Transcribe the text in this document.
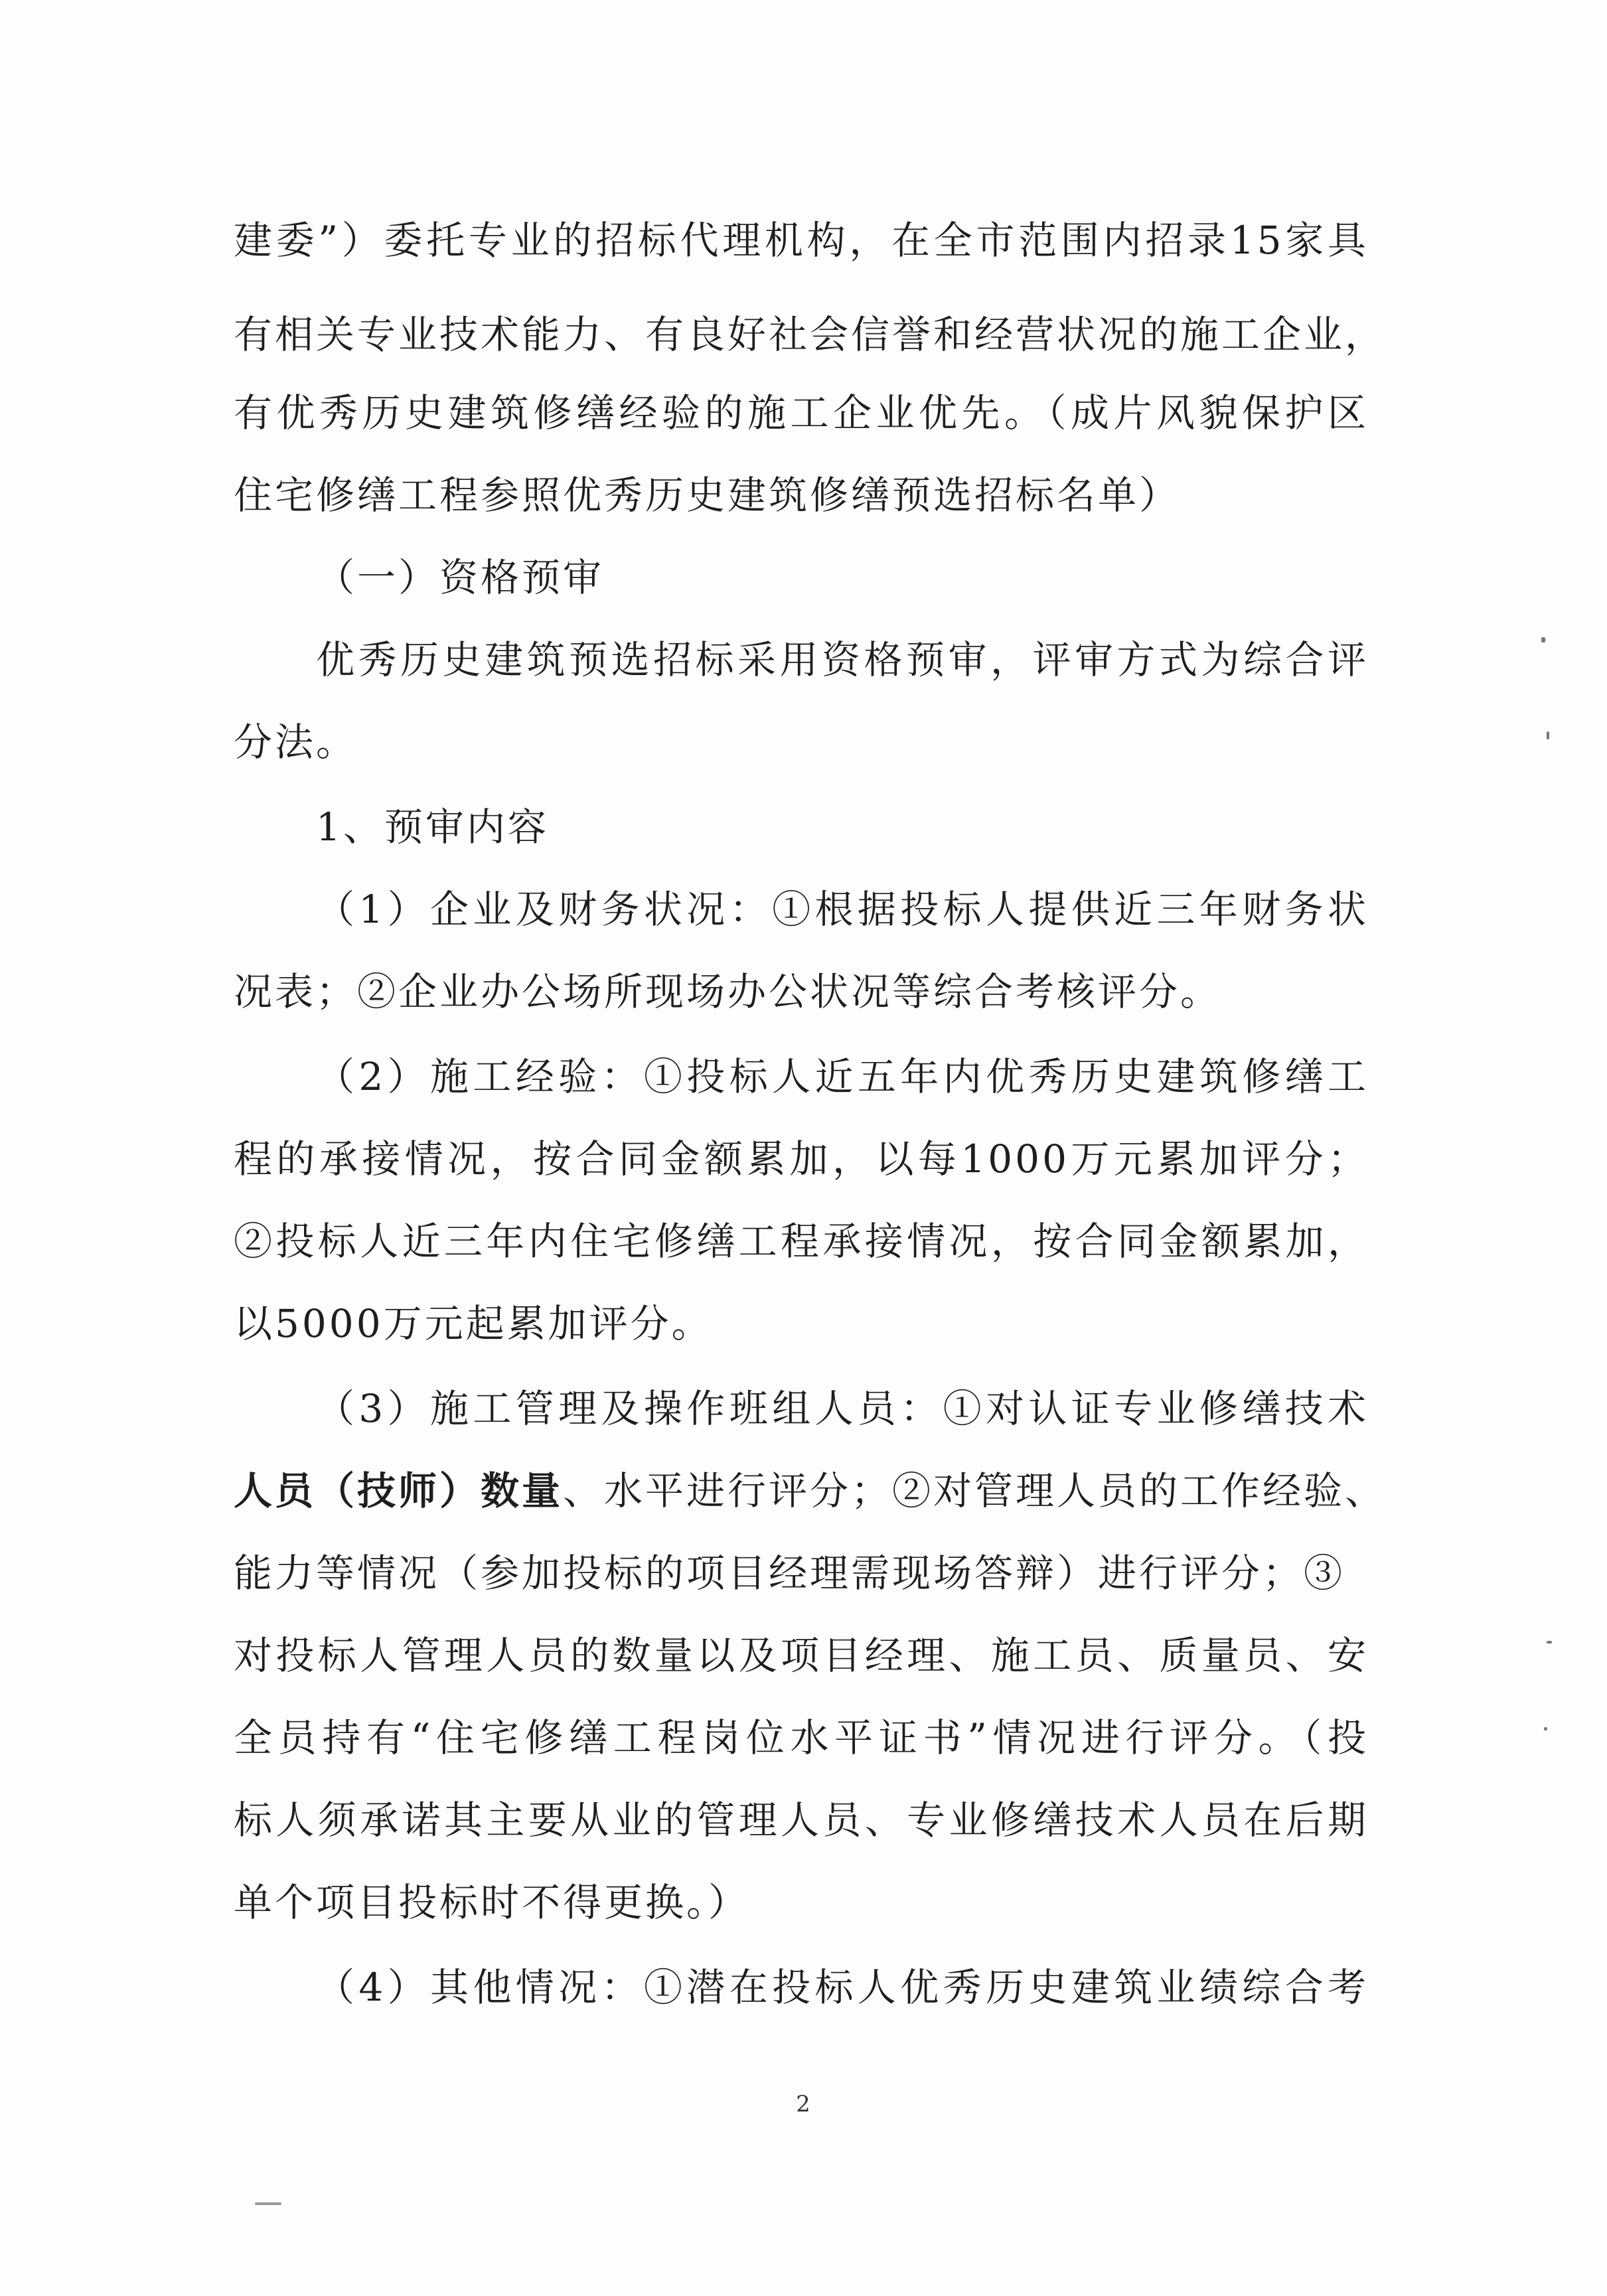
建委”）委托专业的招标代理机构，在全市范围内招录15家具
有相关专业技术能力、有良好社会信誉和经营状况的施工企业，
有优秀历史建筑修缮经验的施工企业优先。（成片风貌保护区
住宅修缮工程参照优秀历史建筑修缮预选招标名单）
（一）资格预审
优秀历史建筑预选招标采用资格预审，评审方式为综合评
分法。
1、预审内容
（1）企业及财务状况：①根据投标人提供近三年财务状
况表；②企业办公场所现场办公状况等综合考核评分。
（2）施工经验：①投标人近五年内优秀历史建筑修缮工
程的承接情况，按合同金额累加，以每1000万元累加评分；
②投标人近三年内住宅修缮工程承接情况，按合同金额累加，
以5000万元起累加评分。
（3）施工管理及操作班组人员：①对认证专业修缮技术
人员（技师）数量 、水平进行评分；②对管理人员的工作经验、
能力等情况（参加投标的项目经理需现场答辩）进行评分；③
对投标人管理人员的数量以及项目经理、施工员、质量员、安
全员持有“住宅修缮工程岗位水平证书”情况进行评分。（投
标人须承诺其主要从业的管理人员、专业修缮技术人员在后期
单个项目投标时不得更换。）
（4）其他情况：①潜在投标人优秀历史建筑业绩综合考
2
